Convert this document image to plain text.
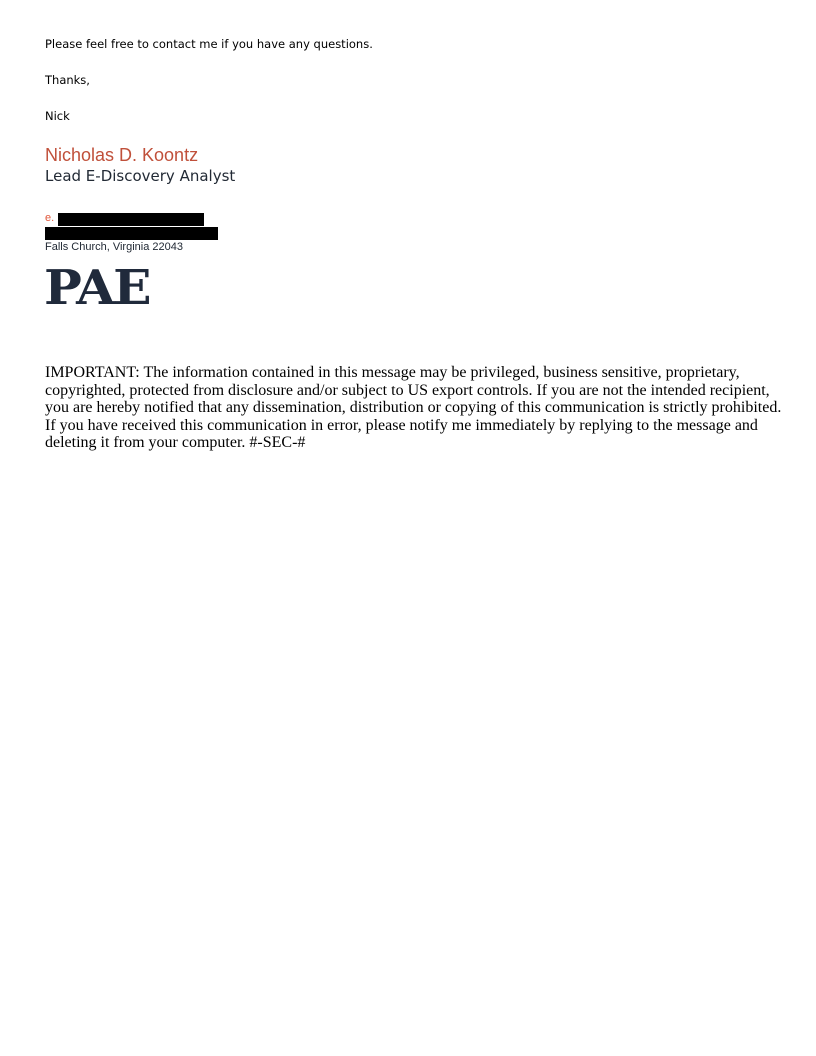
Please feel free to contact me if you have any questions.
Thanks,
Nick
Nicholas D. Koontz
Lead E-Discovery Analyst
e.
Falls Church, Virginia 22043
PAE
IMPORTANT: The information contained in this message may be privileged, business sensitive, proprietary, copyrighted, protected from disclosure and/or subject to US export controls. If you are not the intended recipient, you are hereby notified that any dissemination, distribution or copying of this communication is strictly prohibited. If you have received this communication in error, please notify me immediately by replying to the message and deleting it from your computer. #-SEC-#
